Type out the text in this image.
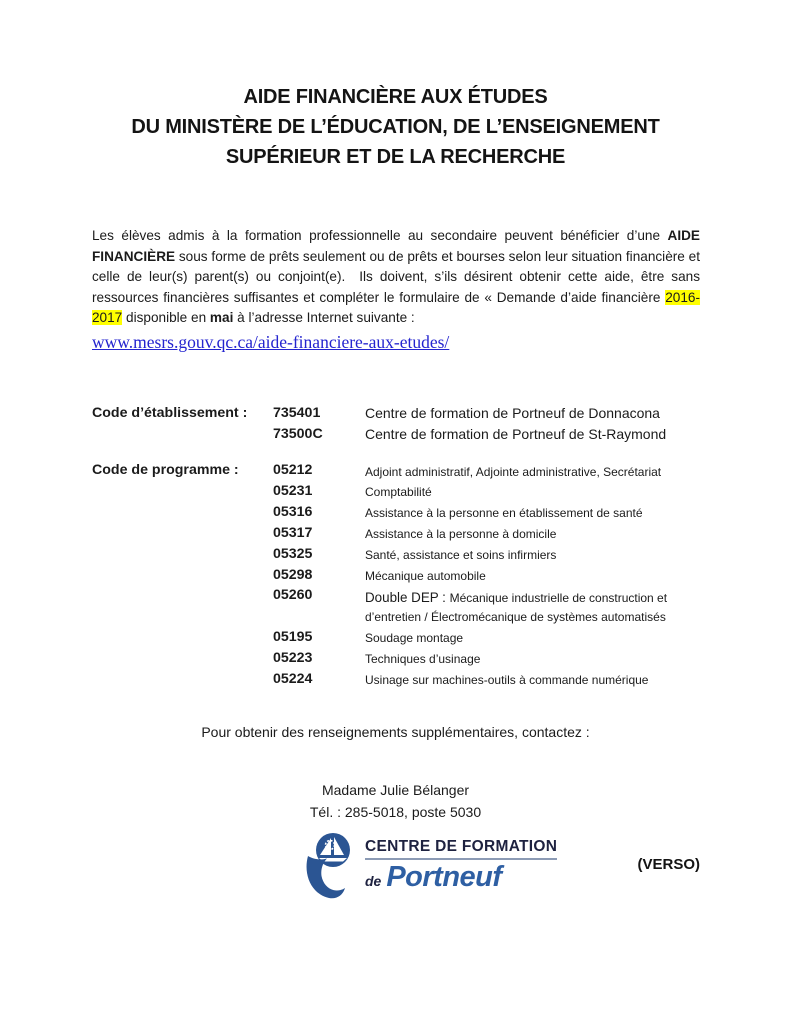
AIDE FINANCIÈRE AUX ÉTUDES
DU MINISTÈRE DE L’ÉDUCATION, DE L’ENSEIGNEMENT
SUPÉRIEUR ET DE LA RECHERCHE

Les élèves admis à la formation professionnelle au secondaire peuvent bénéficier d’une AIDE FINANCIÈRE sous forme de prêts seulement ou de prêts et bourses selon leur situation financière et celle de leur(s) parent(s) ou conjoint(e).  Ils doivent, s’ils désirent obtenir cette aide, être sans ressources financières suffisantes et compléter le formulaire de « Demande d’aide financière 2016-2017 disponible en mai à l’adresse Internet suivante :

www.mesrs.gouv.qc.ca/aide-financiere-aux-etudes/
Code d’établissement :	735401	Centre de formation de Portneuf de Donnacona
73500C	Centre de formation de Portneuf de St-Raymond
Code de programme :	05212	Adjoint administratif, Adjointe administrative, Secrétariat
05231	Comptabilité
05316	Assistance à la personne en établissement de santé
05317	Assistance à la personne à domicile
05325	Santé, assistance et soins infirmiers
05298	Mécanique automobile
05260	Double DEP : Mécanique industrielle de construction et d’entretien / Électromécanique de systèmes automatisés
05195	Soudage montage
05223	Techniques d’usinage
05224	Usinage sur machines-outils à commande numérique
Pour obtenir des renseignements supplémentaires, contactez :
Madame Julie Bélanger
Tél. : 285-5018, poste 5030
CENTRE DE FORMATION
de Portneuf	(VERSO)
